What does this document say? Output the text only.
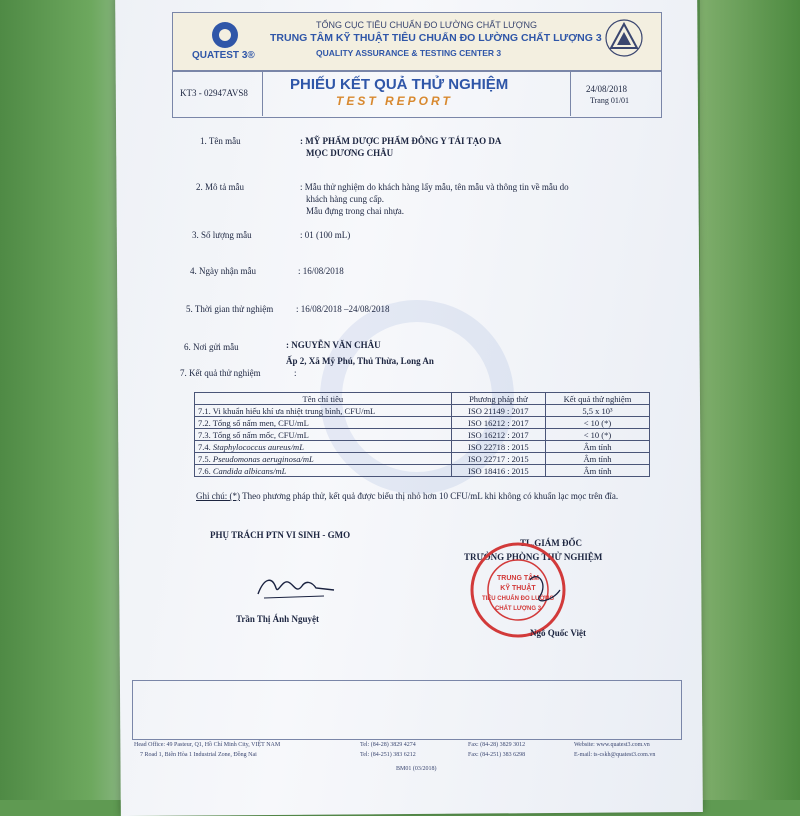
QUATEST 3®
TỔNG CỤC TIÊU CHUẨN ĐO LƯỜNG CHẤT LƯỢNG
TRUNG TÂM KỸ THUẬT TIÊU CHUẨN ĐO LƯỜNG CHẤT LƯỢNG 3
QUALITY ASSURANCE & TESTING CENTER 3
KT3 - 02947AVS8	PHIẾU KẾT QUẢ THỬ NGHIỆM
TEST REPORT
24/08/2018
Trang 01/01
1. Tên mẫu	: MỸ PHẨM DƯỢC PHẨM ĐÔNG Y TÁI TẠO DA
MỌC DƯƠNG CHÂU
2. Mô tả mẫu	: Mẫu thử nghiệm do khách hàng lấy mẫu, tên mẫu và thông tin về mẫu do
khách hàng cung cấp.
Mẫu đựng trong chai nhựa.
3. Số lượng mẫu	: 01 (100 mL)
4. Ngày nhận mẫu	: 16/08/2018
5. Thời gian thử nghiệm	: 16/08/2018 –24/08/2018
6. Nơi gửi mẫu	: NGUYỄN VĂN CHÂU
Ấp 2, Xã Mỹ Phú, Thủ Thừa, Long An
7. Kết quả thử nghiệm	:
Tên chỉ tiêu	Phương pháp thử	Kết quả thử nghiệm
7.1. Vi khuẩn hiếu khí ưa nhiệt trung bình, CFU/mL	ISO 21149 : 2017	5,5 x 10³
7.2. Tổng số nấm men, CFU/mL	ISO 16212 : 2017	< 10 (*)
7.3. Tổng số nấm mốc, CFU/mL	ISO 16212 : 2017	< 10 (*)
7.4. Staphylococcus aureus/mL	ISO 22718 : 2015	Âm tính
7.5. Pseudomonas aeruginosa/mL	ISO 22717 : 2015	Âm tính
7.6. Candida albicans/mL	ISO 18416 : 2015	Âm tính
Ghi chú: (*) Theo phương pháp thử, kết quả được biểu thị nhỏ hơn 10 CFU/mL khi không có khuẩn lạc mọc trên đĩa.
PHỤ TRÁCH PTN VI SINH - GMO
TL.GIÁM ĐỐC
TRƯỞNG PHÒNG THỬ NGHIỆM
TRUNG TÂM
KỸ THUẬT
TIÊU CHUẨN ĐO LƯỜNG
CHẤT LƯỢNG 3
Trần Thị Ánh Nguyệt
Ngô Quốc Việt
Head Office: 49 Pasteur, Q1, Hồ Chí Minh City, VIỆT NAM
7 Road 1, Biên Hòa 1 Industrial Zone, Đồng Nai
Tel: (84-28) 3829 4274
Tel: (84-251) 383 6212
Fax: (84-28) 3829 3012
Fax: (84-251) 383 6298
Website: www.quatest3.com.vn
E-mail: ts-cskh@quatest3.com.vn
BM01 (03/2018)
